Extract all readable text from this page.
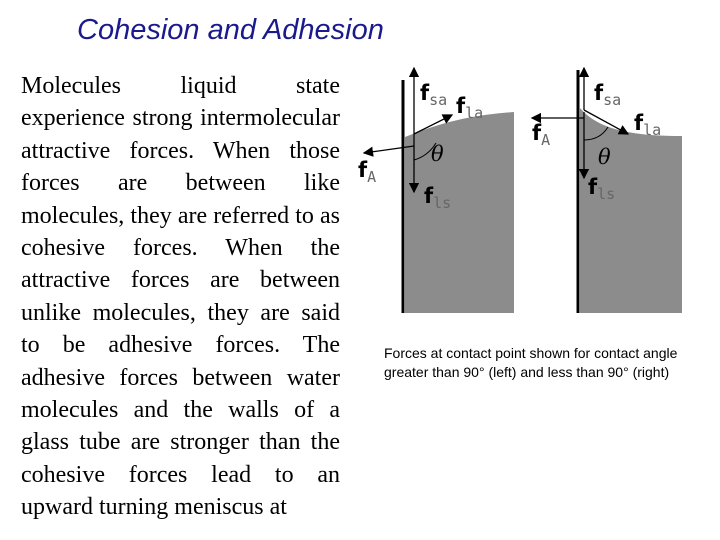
Cohesion and Adhesion

Molecules liquid state experience strong intermolecular attractive forces. When those forces are between like molecules, they are referred to as cohesive forces. When the attractive forces are between unlike molecules, they are said to be adhesive forces. The adhesive forces between water molecules and the walls of a glass tube are stronger than the cohesive forces lead to an upward turning meniscus at

fsa fla
fA
θ
fls
fsa
fla
fA
θ
fls

Forces at contact point shown for contact angle greater than 90° (left) and less than 90° (right)
